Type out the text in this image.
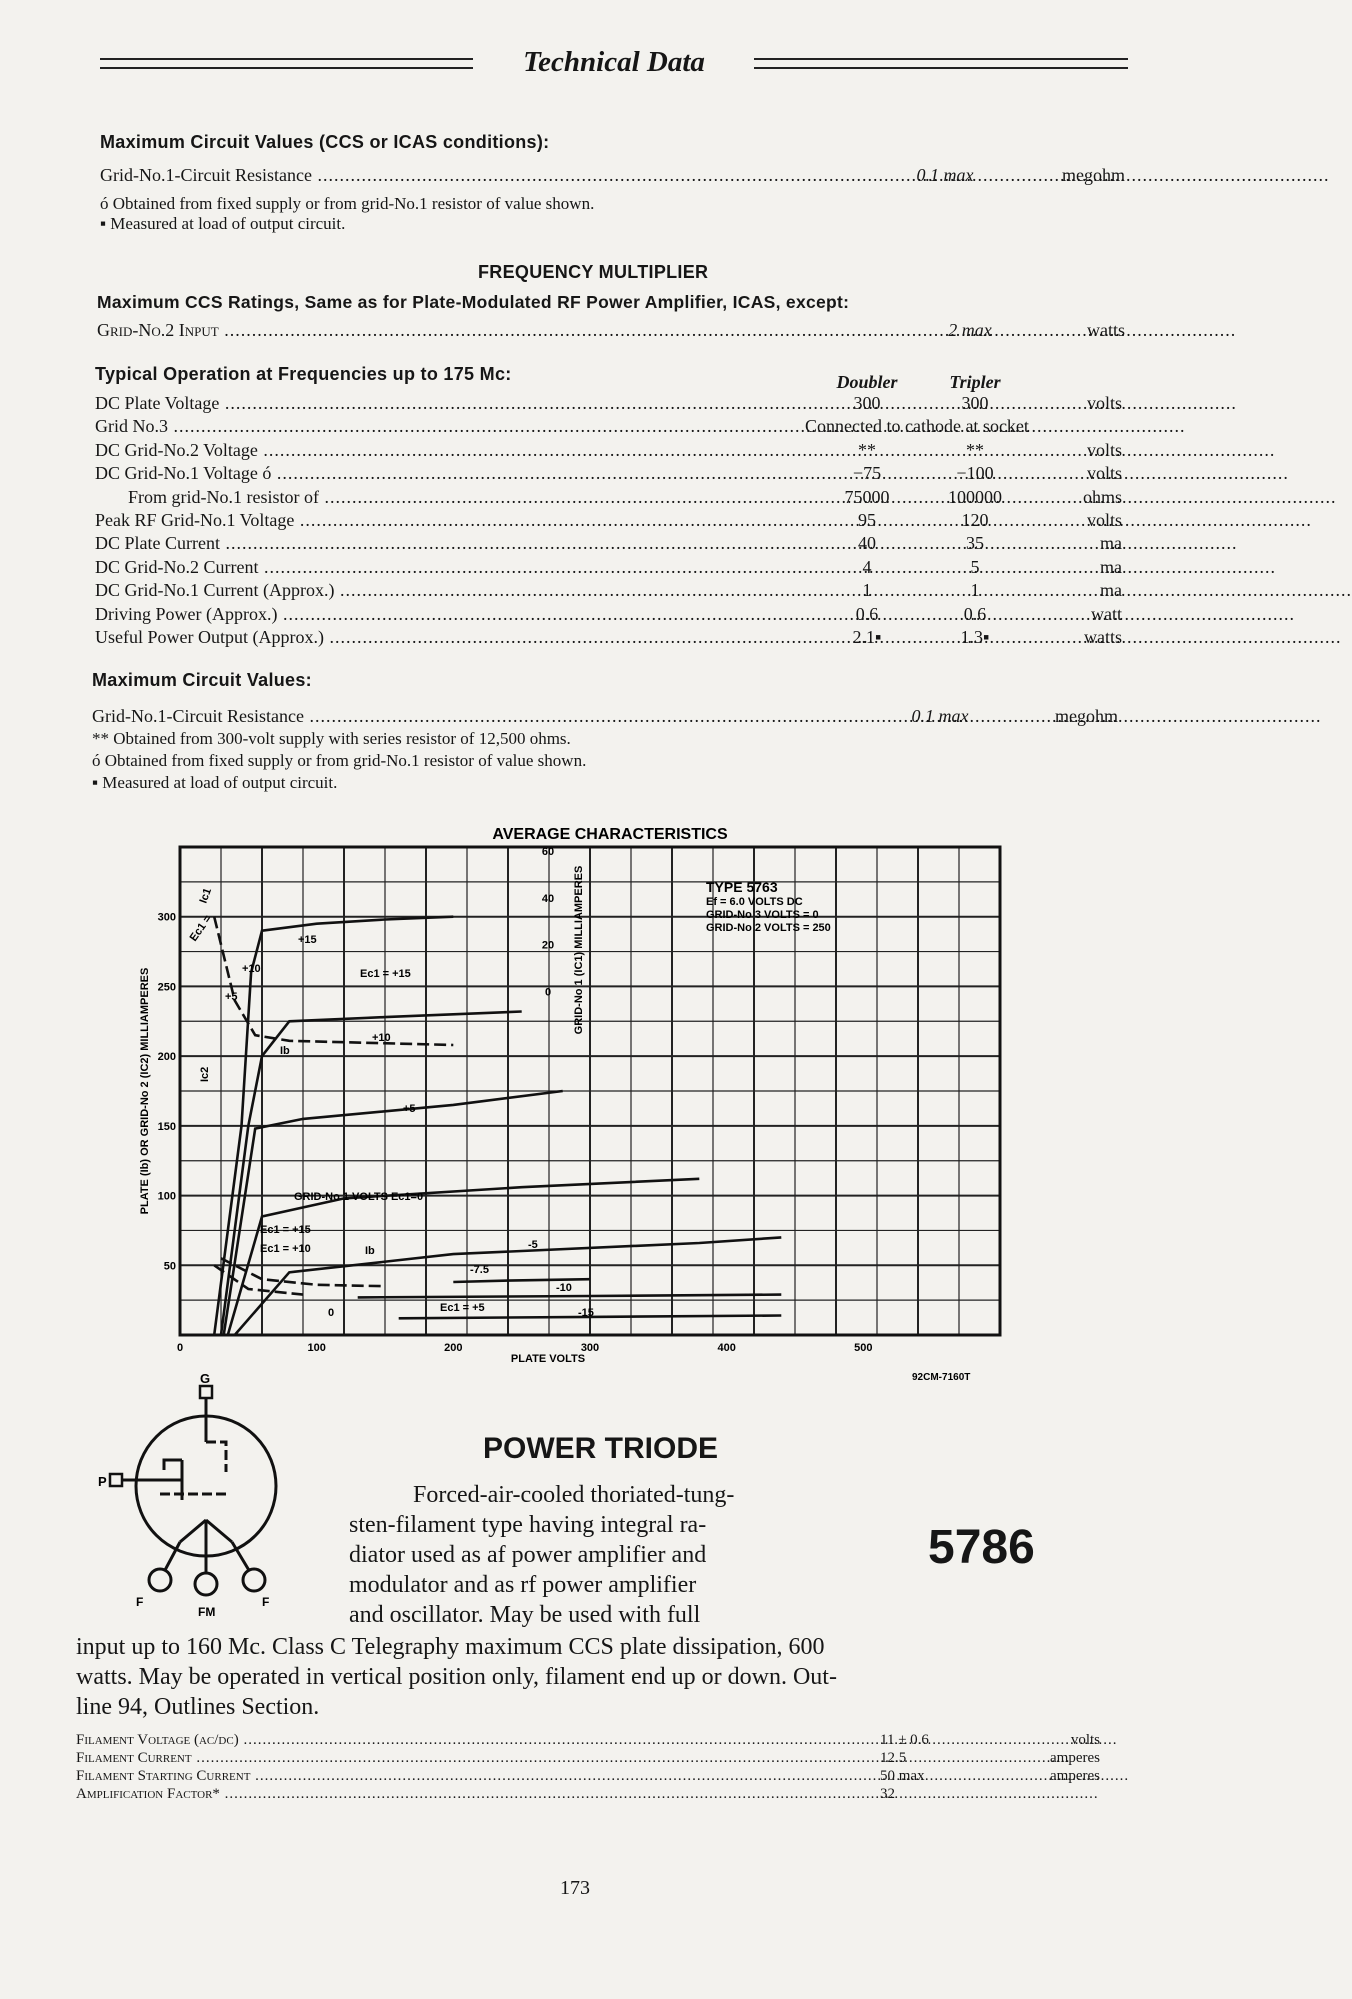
Technical Data
Maximum Circuit Values (CCS or ICAS conditions):
Grid-No.1-Circuit Resistance .....	0.1 max	megohm
ó Obtained from fixed supply or from grid-No.1 resistor of value shown.
▪ Measured at load of output circuit.
FREQUENCY MULTIPLIER
Maximum CCS Ratings, Same as for Plate-Modulated RF Power Amplifier, ICAS, except:
Grid-No.2 Input .....	2 max	watts
Typical Operation at Frequencies up to 175 Mc:	Doubler	Tripler
DC Plate Voltage .....	300	300	volts
Grid No.3 .....	Connected to cathode at socket
DC Grid-No.2 Voltage .....	**	**	volts
DC Grid-No.1 Voltage ó .....	−75	−100	volts
From grid-No.1 resistor of .....	75000	100000	ohms
Peak RF Grid-No.1 Voltage .....	95	120	volts
DC Plate Current .....	40	35	ma
DC Grid-No.2 Current .....	4	5	ma
DC Grid-No.1 Current (Approx.) .....	1	1	ma
Driving Power (Approx.) .....	0.6	0.6	watt
Useful Power Output (Approx.) .....	2.1▪	1.3▪	watts
Maximum Circuit Values:
Grid-No.1-Circuit Resistance .....	0.1 max	megohm
** Obtained from 300-volt supply with series resistor of 12,500 ohms.
ó Obtained from fixed supply or from grid-No.1 resistor of value shown.
▪ Measured at load of output circuit.
AVERAGE CHARACTERISTICS
0	100	200	300	400	500
50
100
150
200
250
300
0
20
40
60
PLATE VOLTS
PLATE (Ib) OR GRID-No 2 (IC2) MILLIAMPERES
GRID-No 1 (IC1) MILLIAMPERES	TYPE 5763
Ef = 6.0 VOLTS DC
GRID-No 3 VOLTS = 0
GRID-No 2 VOLTS = 250
92CM-7160T
Ic1
Ec1 =	+15
+10
+5
Ec1 = +15
Ib
+10
Ic2
+5
GRID-No 1 VOLTS Ec1=0
Ec1 = +15
Ec1 = +10	Ib	-5
-7.5
-10
0	Ec1 = +5	-15
G
P
F
FM
F
POWER TRIODE
5786
Forced-air-cooled thoriated-tung-
sten-filament type having integral ra-
diator used as af power amplifier and
modulator and as rf power amplifier
and oscillator. May be used with full
input up to 160 Mc. Class C Telegraphy maximum CCS plate dissipation, 600
watts. May be operated in vertical position only, filament end up or down. Out-
line 94, Outlines Section.
Filament Voltage (ac/dc) .....	11 ± 0.6	volts
Filament Current .....	12.5	amperes
Filament Starting Current .....	50 max	amperes
Amplification Factor* .....	32
173
